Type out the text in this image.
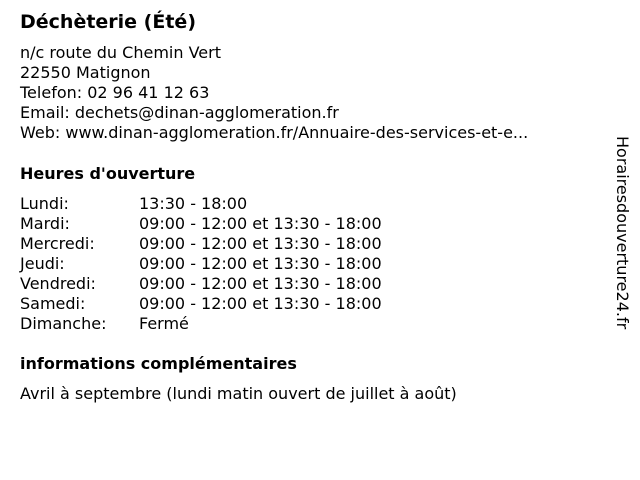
Déchèterie (Été)
n/c route du Chemin Vert
22550 Matignon
Telefon: 02 96 41 12 63
Email: dechets@dinan-agglomeration.fr
Web: www.dinan-agglomeration.fr/Annuaire-des-services-et-e...
Heures d'ouverture
Lundi:	13:30 - 18:00
Mardi:	09:00 - 12:00 et 13:30 - 18:00
Mercredi:	09:00 - 12:00 et 13:30 - 18:00
Jeudi:	09:00 - 12:00 et 13:30 - 18:00
Vendredi:	09:00 - 12:00 et 13:30 - 18:00
Samedi:	09:00 - 12:00 et 13:30 - 18:00
Dimanche: Fermé
informations complémentaires
Avril à septembre (lundi matin ouvert de juillet à août)
Horairesdouverture24.fr
